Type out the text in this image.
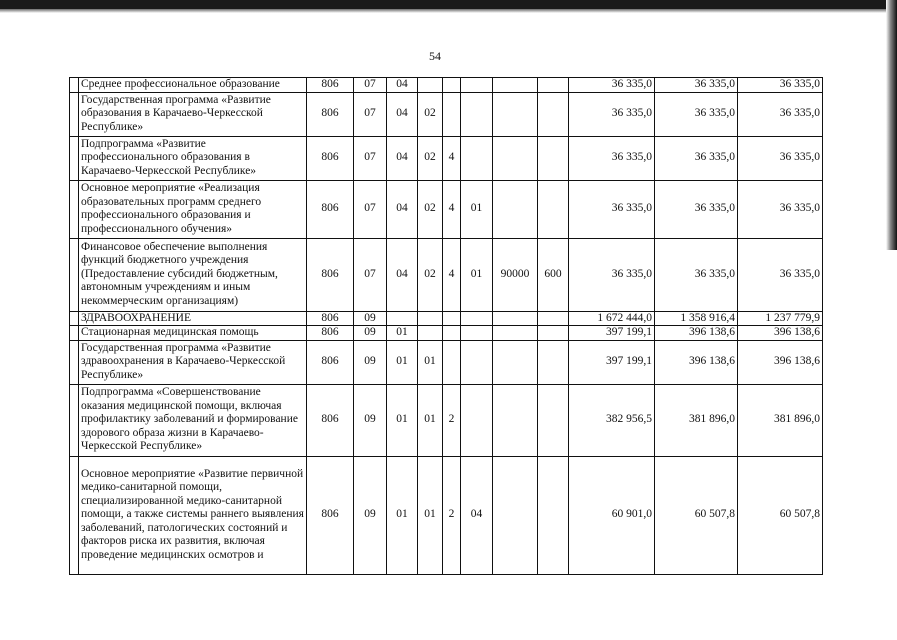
54
	Среднее профессиональное образование	806	07	04						36 335,0	36 335,0	36 335,0
	Государственная программа «Развитие образования в Карачаево-Черкесской Республике»	806	07	04	02					36 335,0	36 335,0	36 335,0
	Подпрограмма «Развитие профессионального образования в Карачаево-Черкесской Республике»	806	07	04	02	4				36 335,0	36 335,0	36 335,0
	Основное мероприятие «Реализация образовательных программ среднего профессионального образования и профессионального обучения»	806	07	04	02	4	01			36 335,0	36 335,0	36 335,0
	Финансовое обеспечение выполнения функций бюджетного учреждения (Предоставление субсидий бюджетным, автономным учреждениям и иным некоммерческим организациям)	806	07	04	02	4	01	90000	600	36 335,0	36 335,0	36 335,0
	ЗДРАВООХРАНЕНИЕ	806	09							1 672 444,0	1 358 916,4	1 237 779,9
	Стационарная медицинская помощь	806	09	01						397 199,1	396 138,6	396 138,6
	Государственная программа «Развитие здравоохранения в Карачаево-Черкесской Республике»	806	09	01	01					397 199,1	396 138,6	396 138,6
	Подпрограмма «Совершенствование оказания медицинской помощи, включая профилактику заболеваний и формирование здорового образа жизни в Карачаево-Черкесской Республике»	806	09	01	01	2				382 956,5	381 896,0	381 896,0
	Основное мероприятие «Развитие первичной медико-санитарной помощи, специализированной медико-санитарной помощи, а также системы раннего выявления заболеваний, патологических состояний и факторов риска их развития, включая проведение медицинских осмотров и	806	09	01	01	2	04			60 901,0	60 507,8	60 507,8
